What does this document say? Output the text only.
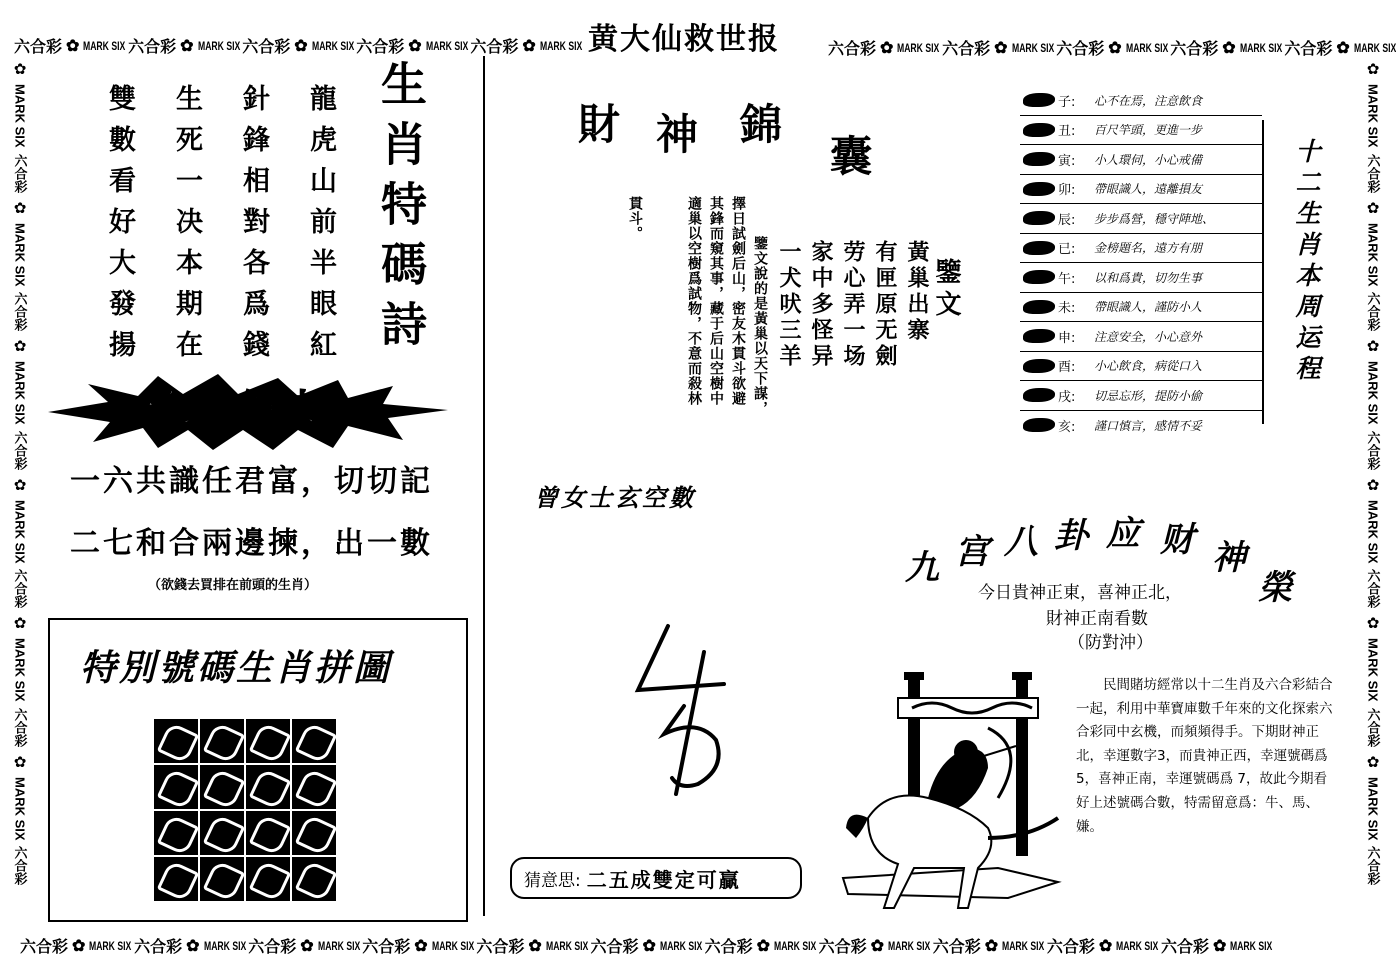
六合彩 ✿ MARK SIX 六合彩 ✿ MARK SIX 六合彩 ✿ MARK SIX 六合彩 ✿ MARK SIX 六合彩 ✿ MARK SIX	六合彩 ✿ MARK SIX 六合彩 ✿ MARK SIX 六合彩 ✿ MARK SIX 六合彩 ✿ MARK SIX 六合彩 ✿ MARK SIX
六合彩 ✿ MARK SIX 六合彩 ✿ MARK SIX 六合彩 ✿ MARK SIX 六合彩 ✿ MARK SIX 六合彩 ✿ MARK SIX 六合彩 ✿ MARK SIX 六合彩 ✿ MARK SIX 六合彩 ✿ MARK SIX 六合彩 ✿ MARK SIX 六合彩 ✿ MARK SIX 六合彩 ✿ MARK SIX
✿
MARK SIX
六合彩
✿
MARK SIX
六合彩
✿
MARK SIX
六合彩
✿
MARK SIX
六合彩
✿
MARK SIX
六合彩
✿
MARK SIX
六合彩
✿
MARK SIX
六合彩
✿
MARK SIX
六合彩
✿
MARK SIX
六合彩
✿
MARK SIX
六合彩
✿
MARK SIX
六合彩
✿
MARK SIX
六合彩
黄大仙救世报
龍虎山前半眼紅
針鋒相對各爲錢
生死一决本期在
雙數看好大發揚	生肖特碼詩
一句贏錢訣
一六共識任君富，切切記
二七和合兩邊揀，出一數
（欲錢去買排在前頭的生肖）
特別號碼生肖拼圖
財 神 錦
囊
鑒文
黃巢出寨
有匣原无劍
劳心弄一场
家中多怪异
一犬吠三羊
鑒文說的是黃巢以天下謀，
擇日試劍后山，密友木貫斗欲避
其鋒而窺其事，藏于后山空樹中
適巢以空樹爲試物，不意而殺林
貫斗。
子:	心不在焉，注意飲食
丑:	百尺竿頭，更進一步
寅:	小人環伺，小心戒備
卯:	帶眼識人，遠離損友
辰:	步步爲營，穩守陣地、
已:	金榜題名，遠方有朋
午:	以和爲貴，切勿生事
未:	帶眼識人，謹防小人
申:	注意安全，小心意外
酉:	小心飲食，病從口入
戌:	切忌忘形，提防小偷
亥:	謹口慎言，感情不妥
十二生肖本周运程
曾女士玄空數
4 5
猜意思: 二五成雙定可贏
九 宫 八 卦 应 财 神
榮
今日貴神正東，喜神正北，
財神正南看數
（防對沖）
民間賭坊經常以十二生肖及六合彩結合一起，利用中華寶庫數千年來的文化探索六合彩同中玄機，而頻頻得手。下期財神正北，幸運數字3，而貴神正西，幸運號碼爲5，喜神正南，幸運號碼爲 7，故此今期看好上述號碼合數，特需留意爲：牛、馬、嫌。
